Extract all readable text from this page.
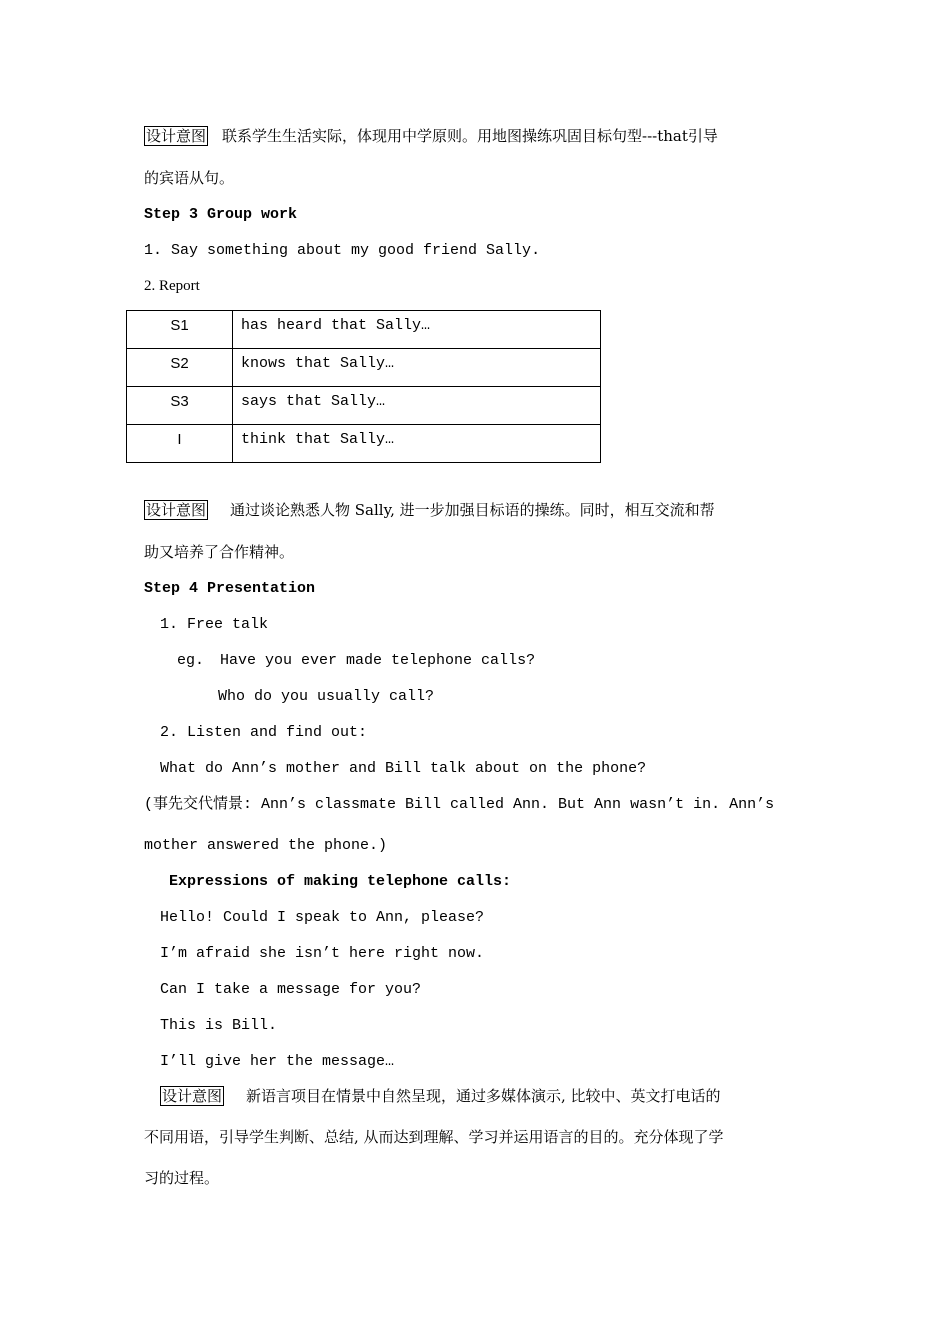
设计意图 联系学生生活实际，体现用中学原则。用地图操练巩固目标句型---that引导
的宾语从句。
Step 3 Group work
1. Say something about my good friend Sally.
2. Report
S1	has heard that Sally…
S2	knows that Sally…
S3	says that Sally…
I	think that Sally…
设计意图 通过谈论熟悉人物 Sally, 进一步加强目标语的操练。同时，相互交流和帮
助又培养了合作精神。
Step 4 Presentation
1. Free talk
eg. Have you ever made telephone calls?
Who do you usually call?
2. Listen and find out:
What do Ann’s mother and Bill talk about on the phone?
(事先交代情景: Ann’s classmate Bill called Ann. But Ann wasn’t in. Ann’s
mother answered the phone.)
Expressions of making telephone calls:
Hello! Could I speak to Ann, please?
I’m afraid she isn’t here right now.
Can I take a message for you?
This is Bill.
I’ll give her the message…
设计意图 新语言项目在情景中自然呈现，通过多媒体演示, 比较中、英文打电话的
不同用语，引导学生判断、总结, 从而达到理解、学习并运用语言的目的。充分体现了学
习的过程。
